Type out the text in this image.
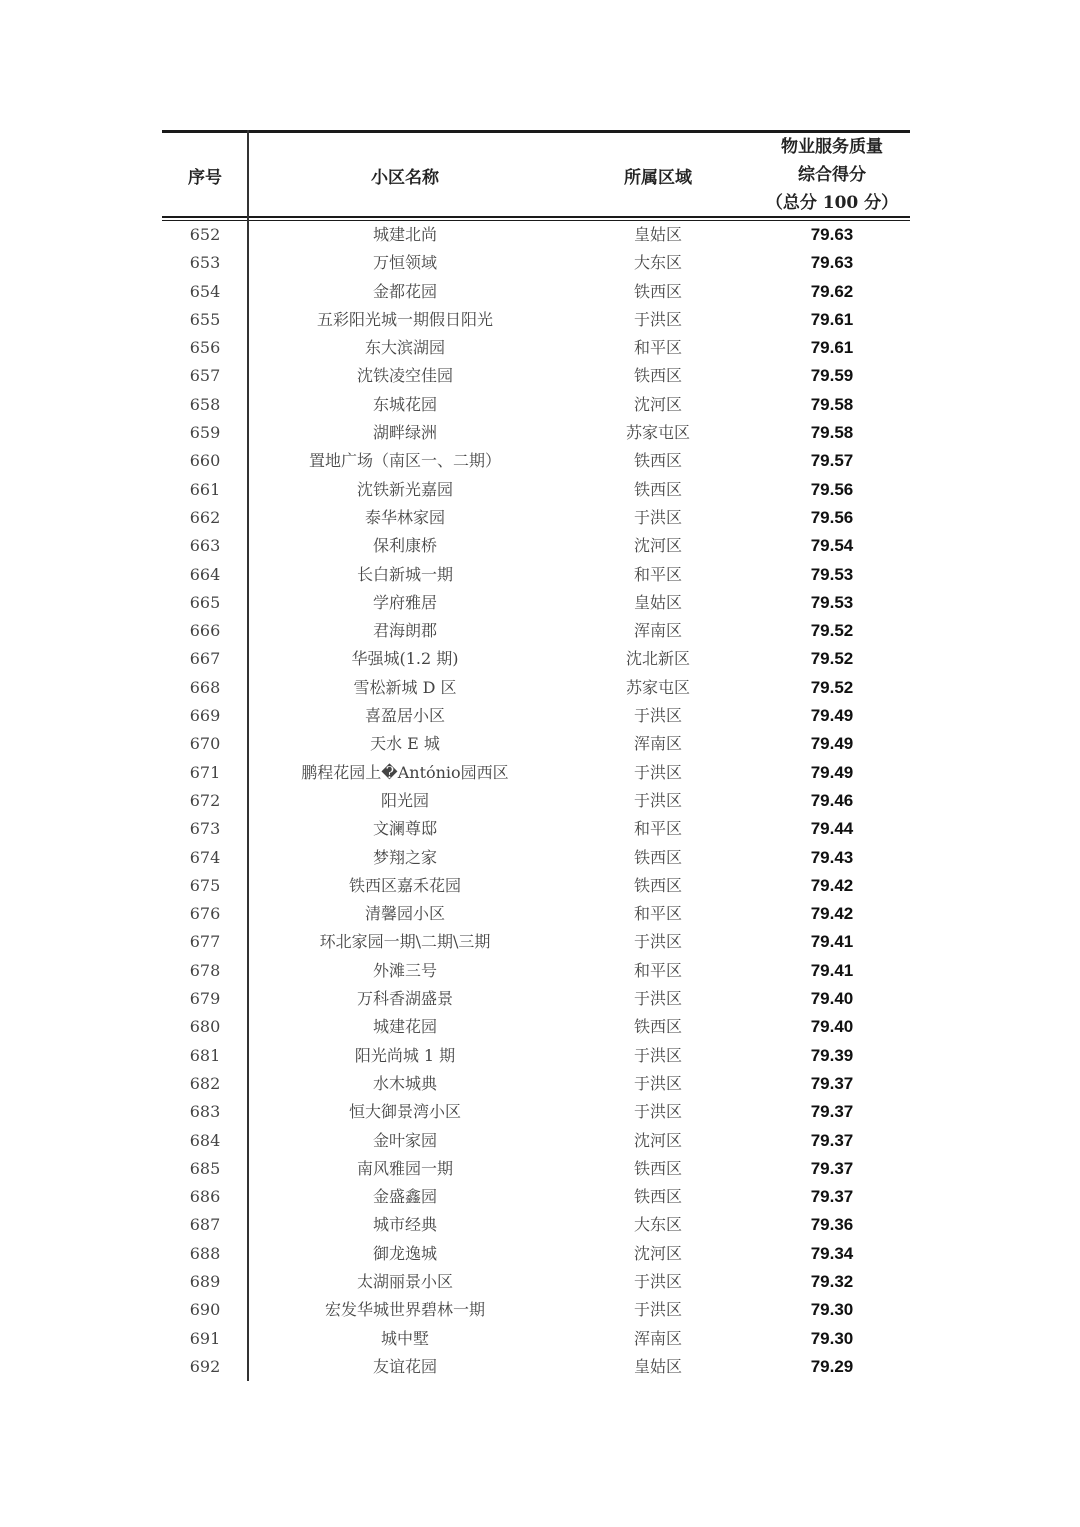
序号	小区名称	所属区域
物业服务质量
综合得分
（总分 100 分）
652	城建北尚	皇姑区	79.63
653	万恒领域	大东区	79.63
654	金都花园	铁西区	79.62
655	五彩阳光城一期假日阳光	于洪区	79.61
656	东大滨湖园	和平区	79.61
657	沈铁凌空佳园	铁西区	79.59
658	东城花园	沈河区	79.58
659	湖畔绿洲	苏家屯区	79.58
660	置地广场（南区一、二期）	铁西区	79.57
661	沈铁新光嘉园	铁西区	79.56
662	泰华林家园	于洪区	79.56
663	保利康桥	沈河区	79.54
664	长白新城一期	和平区	79.53
665	学府雅居	皇姑区	79.53
666	君海朗郡	浑南区	79.52
667	华强城(1.2 期)	沈北新区	79.52
668	雪松新城 D 区	苏家屯区	79.52
669	喜盈居小区	于洪区	79.49
670	天水 E 城	浑南区	79.49
671	鹏程花园上�António园西区	于洪区	79.49
672	阳光园	于洪区	79.46
673	文澜尊邸	和平区	79.44
674	梦翔之家	铁西区	79.43
675	铁西区嘉禾花园	铁西区	79.42
676	清馨园小区	和平区	79.42
677	环北家园一期\二期\三期	于洪区	79.41
678	外滩三号	和平区	79.41
679	万科香湖盛景	于洪区	79.40
680	城建花园	铁西区	79.40
681	阳光尚城 1 期	于洪区	79.39
682	水木城典	于洪区	79.37
683	恒大御景湾小区	于洪区	79.37
684	金叶家园	沈河区	79.37
685	南风雅园一期	铁西区	79.37
686	金盛鑫园	铁西区	79.37
687	城市经典	大东区	79.36
688	御龙逸城	沈河区	79.34
689	太湖丽景小区	于洪区	79.32
690	宏发华城世界碧林一期	于洪区	79.30
691	城中墅	浑南区	79.30
692	友谊花园	皇姑区	79.29
